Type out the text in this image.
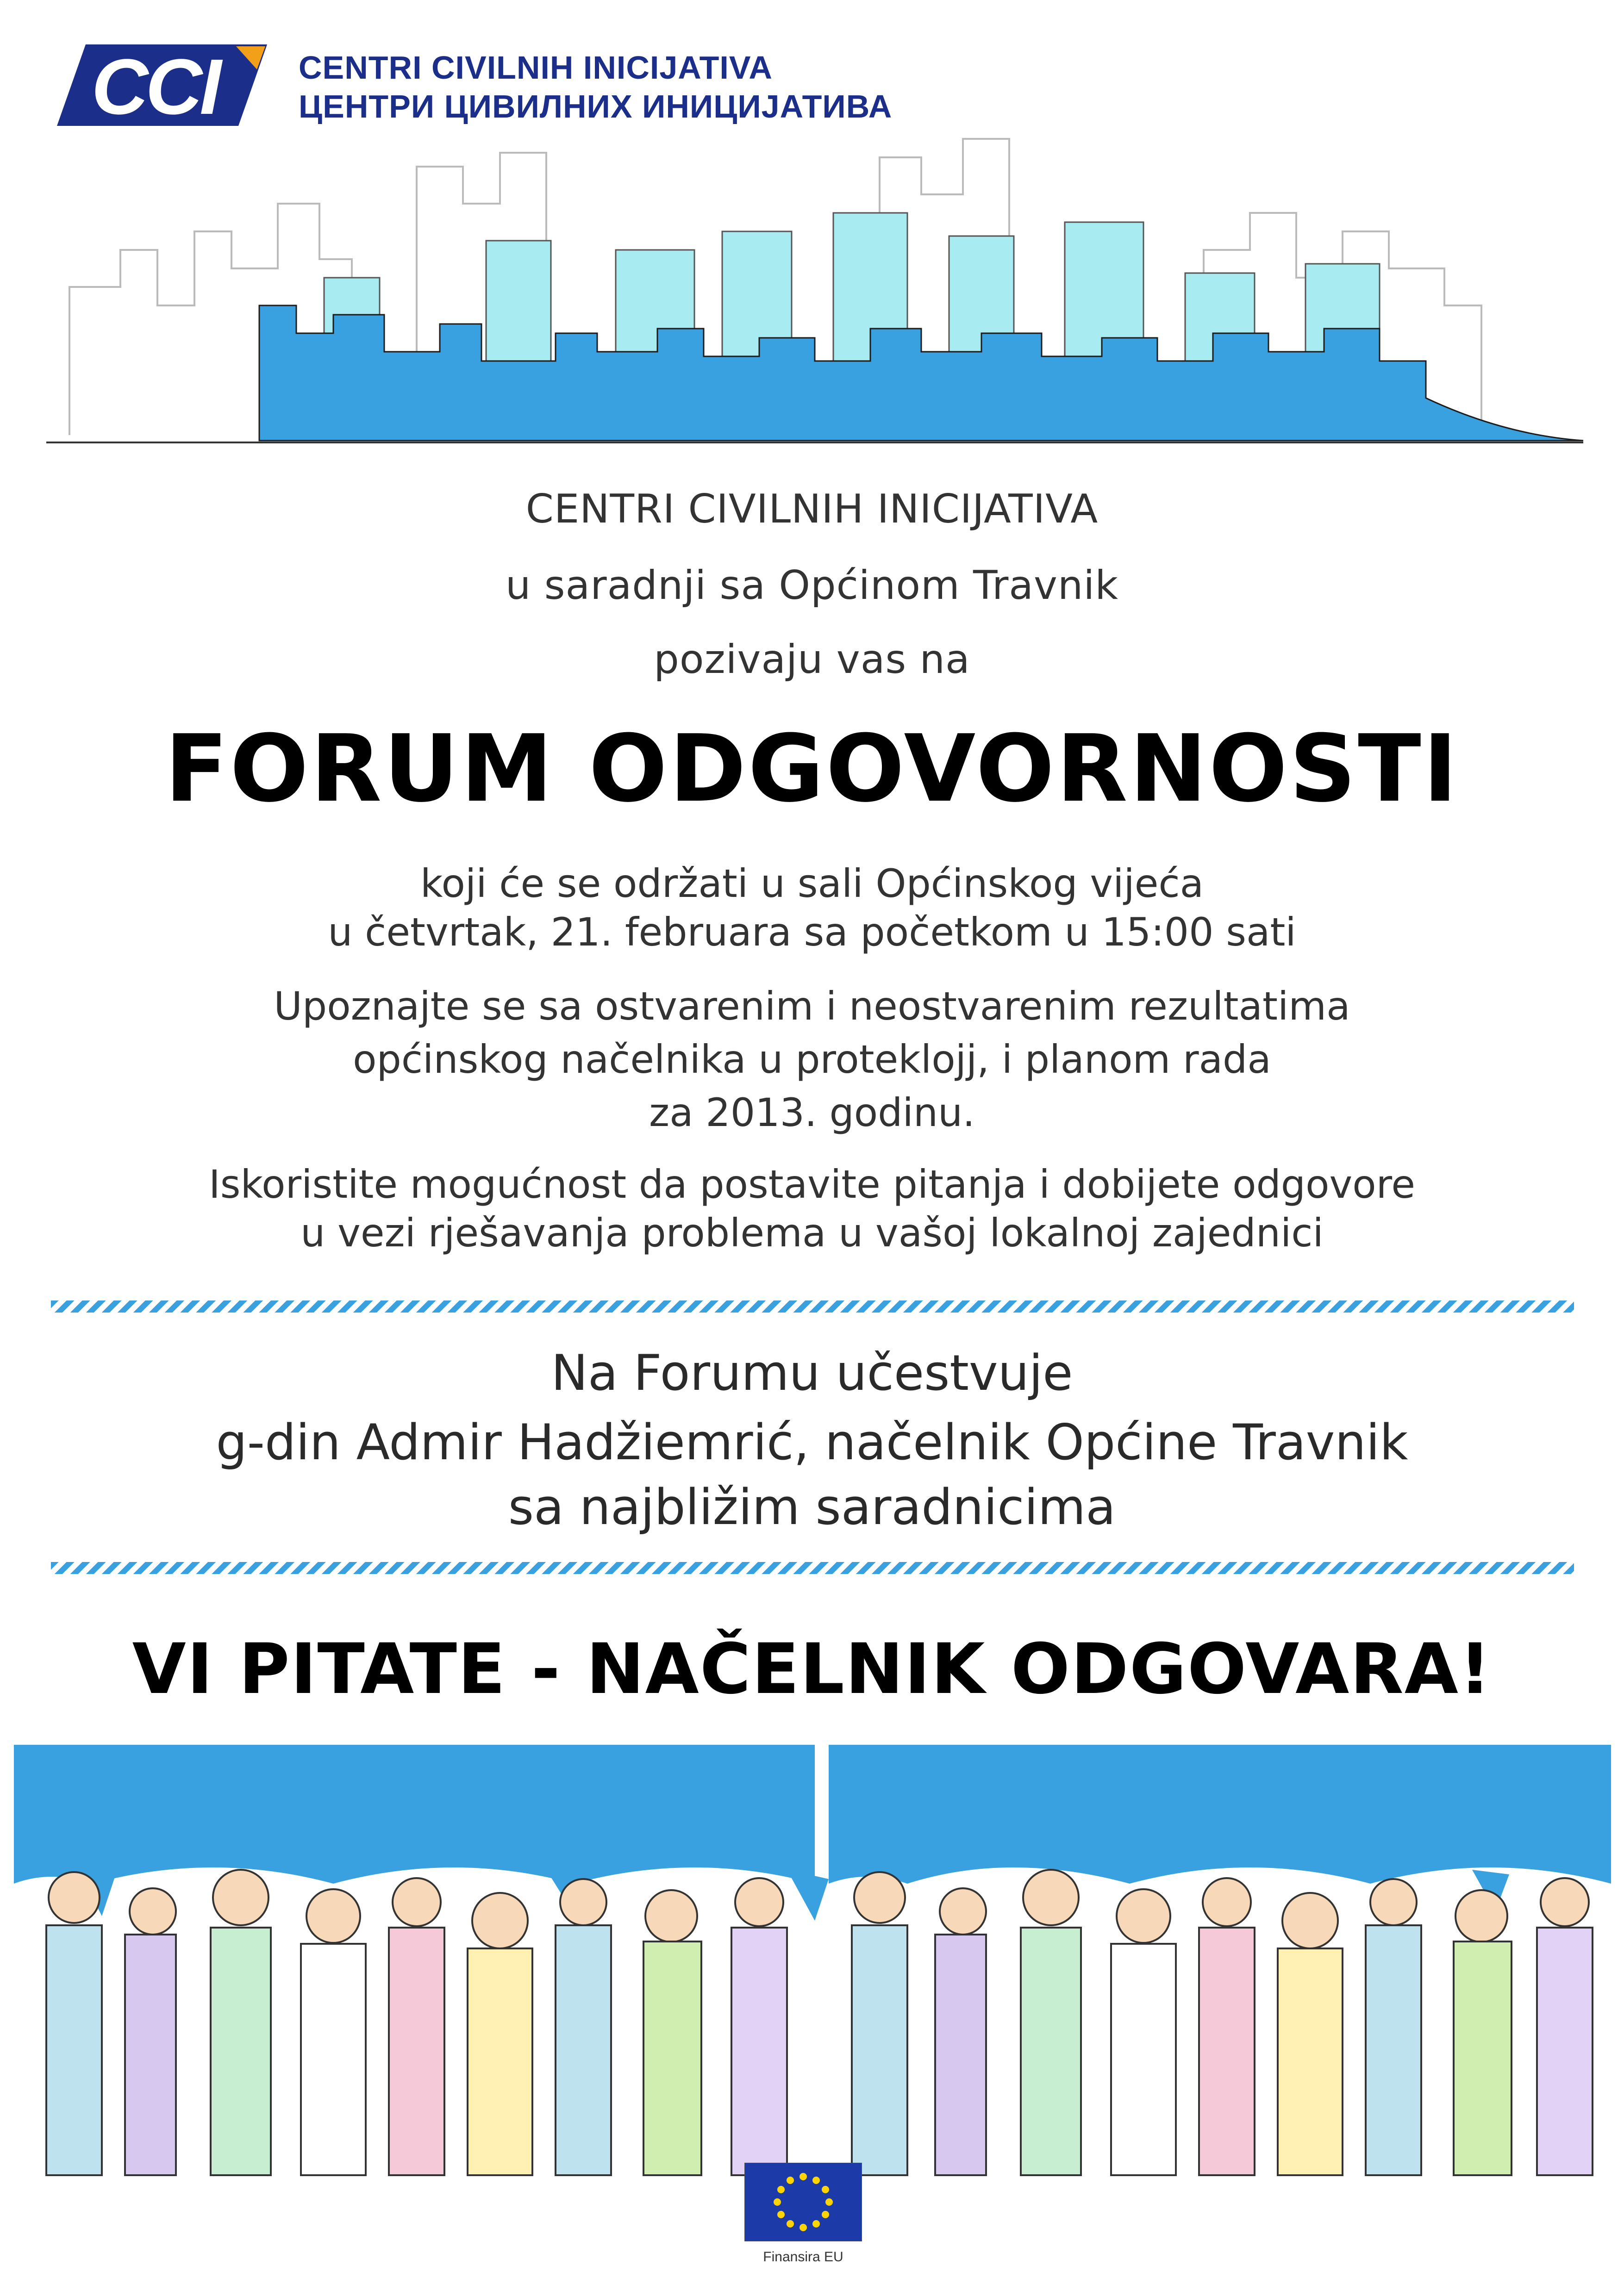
CCI CENTRI CIVILNIH INICIJATIVA
ЦЕНТРИ ЦИВИЛНИХ ИНИЦИЈАТИВА
CENTRI CIVILNIH INICIJATIVA
u saradnji sa Općinom Travnik
pozivaju vas na
FORUM ODGOVORNOSTI
koji će se održati u sali Općinskog vijeća
u četvrtak, 21. februara sa početkom u 15:00 sati
Upoznajte se sa ostvarenim i neostvarenim rezultatima
općinskog načelnika u proteklojj, i planom rada
za 2013. godinu.
Iskoristite mogućnost da postavite pitanja i dobijete odgovore
u vezi rješavanja problema u vašoj lokalnoj zajednici
Na Forumu učestvuje
g-din Admir Hadžiemrić, načelnik Općine Travnik
sa najbližim saradnicima
VI PITATE - NAČELNIK ODGOVARA!
Finansira EU
